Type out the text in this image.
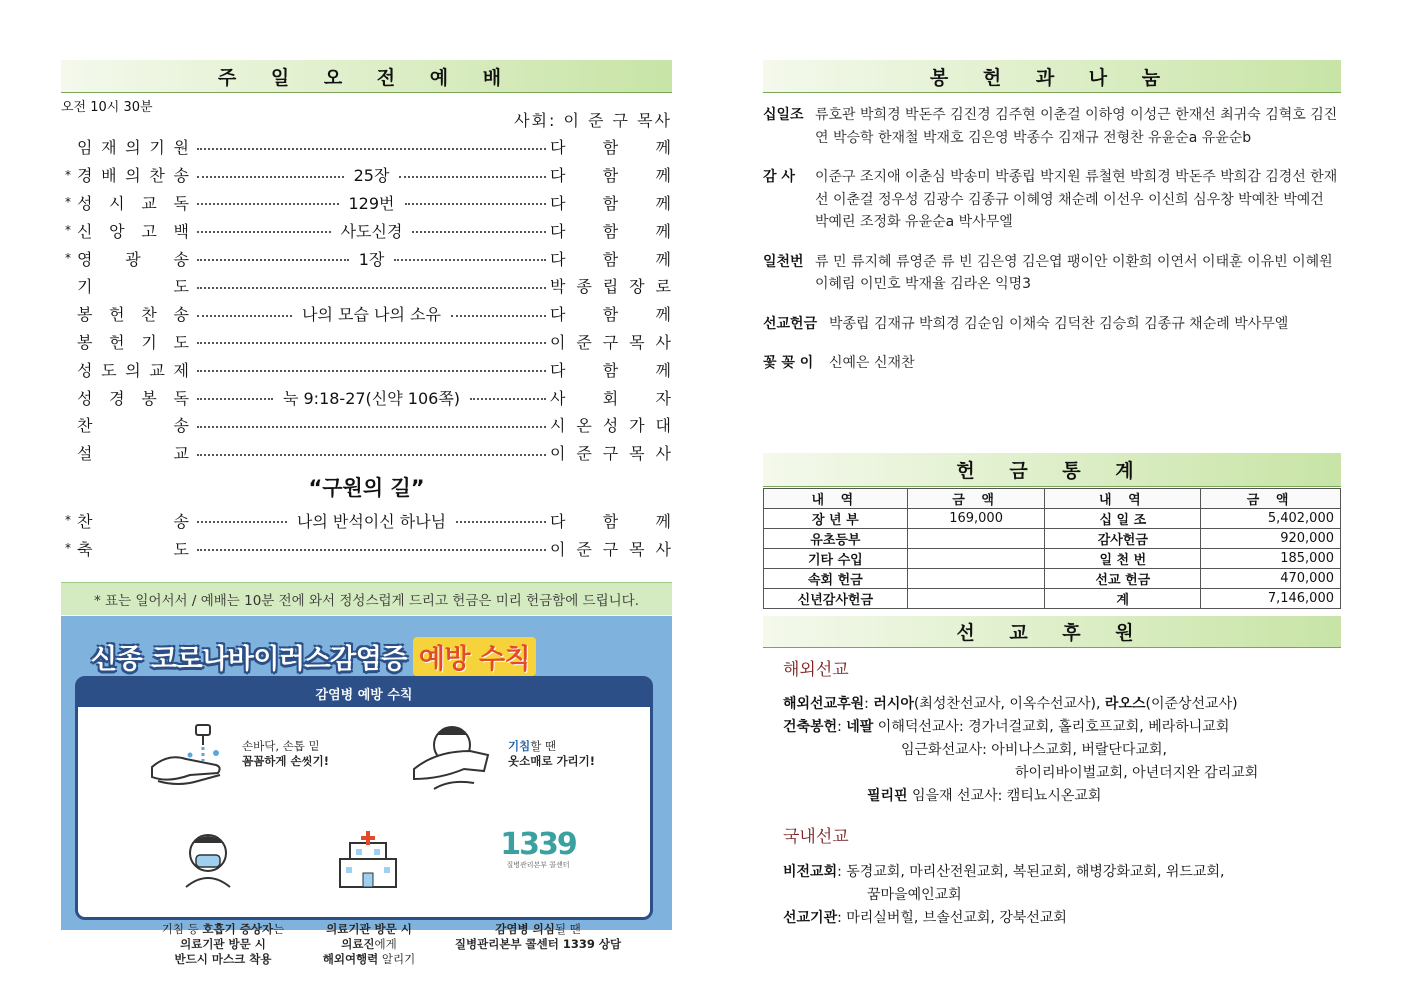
주 일 오 전 예 배
오전 10시 30분
사회: 이 준 구 목사
임 재 의 기 원	다 함 께
* 경 배 의 찬 송	25장	다 함 께
* 성 시 교 독	129번	다 함 께
* 신 앙 고 백	사도신경	다 함 께
* 영 광 송	1장	다 함 께
기	도	박 종 립 장 로
봉 헌 찬 송	나의 모습 나의 소유	다 함 께
봉 헌 기 도	이 준 구 목 사
성 도 의 교 제	다 함 께
성 경 봉 독	눅 9:18-27(신약 106쪽)	사 회 자
찬	송	시 온 성 가 대
설	교	이 준 구 목 사
“구원의 길”
* 찬	송	나의 반석이신 하나님	다 함 께
* 축	도	이 준 구 목 사
* 표는 일어서서 / 예배는 10분 전에 와서 정성스럽게 드리고 헌금은 미리 헌금함에 드립니다.
신종 코로나바이러스감염증 예방 수칙
감염병 예방 수칙
손바닥, 손톱 밑
꼼꼼하게 손씻기!
기침할 땐
옷소매로 가리기!
기침 등 호흡기 증상자는
의료기관 방문 시
반드시 마스크 착용
의료기관 방문 시
의료진에게
해외여행력 알리기
1339
질병관리본부 콜센터
감염병 의심될 땐
질병관리본부 콜센터 1339 상담
봉 헌 과 나 눔
십일조 류호관 박희경 박돈주 김진경 김주현 이춘걸 이하영 이성근 한재선 최귀숙 김혁호 김진연 박승학 한재철 박재호 김은영 박종수 김재규 전형찬 유윤순a 유윤순b
감 사	이준구 조지애 이춘심 박송미 박종립 박지원 류철현 박희경 박돈주 박희감 김경선 한재선 이춘걸 정우성 김광수 김종규 이혜영 채순례 이선우 이신희 심우창 박예찬 박예건 박예린 조정화 유윤순a 박사무엘
일천번 류 민 류지혜 류영준 류 빈 김은영 김은엽 팽이안 이환희 이연서 이태훈 이유빈 이혜원 이혜림 이민호 박재율 김라온 익명3
선교헌금 박종립 김재규 박희경 김순임 이채숙 김덕찬 김승희 김종규 채순례 박사무엘
꽃 꽂 이	신예은 신재찬
헌 금 통 계
내 역	금 액	내 역	금 액
장 년 부	169,000	십 일 조	5,402,000
유초등부		감사헌금	920,000
기타 수입		일 천 번	185,000
속회 헌금		선교 헌금	470,000
신년감사헌금		계	7,146,000
선 교 후 원
해외선교
해외선교후원: 러시아(최성찬선교사, 이옥수선교사), 라오스(이준상선교사)
건축봉헌: 네팔 이해덕선교사: 경가너걸교회, 홀리호프교회, 베라하니교회
임근화선교사: 아비나스교회, 버랄단다교회,
하이리바이벌교회, 아년더지완 감리교회
필리핀 임을재 선교사: 캠티뇨시온교회
국내선교
비전교회: 동경교회, 마리산전원교회, 복된교회, 해병강화교회, 위드교회,
꿈마을예인교회
선교기관: 마리실버힐, 브솔선교회, 강북선교회
